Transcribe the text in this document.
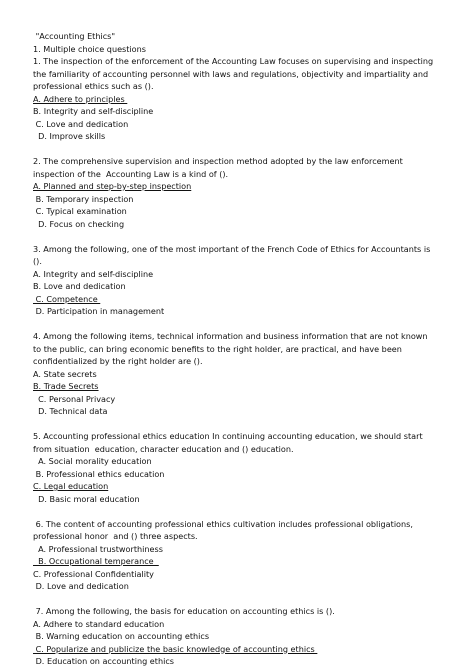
"Accounting Ethics"
1. Multiple choice questions
1. The inspection of the enforcement of the Accounting Law focuses on supervising and inspecting the familiarity of accounting personnel with laws and regulations, objectivity and impartiality and professional ethics such as ().
A. Adhere to principles
B. Integrity and self-discipline
C. Love and dedication
D. Improve skills
2. The comprehensive supervision and inspection method adopted by the law enforcement inspection of the  Accounting Law is a kind of ().
A. Planned and step-by-step inspection
B. Temporary inspection
C. Typical examination
D. Focus on checking
3. Among the following, one of the most important of the French Code of Ethics for Accountants is ().
A. Integrity and self-discipline
B. Love and dedication
C. Competence
D. Participation in management
4. Among the following items, technical information and business information that are not known to the public, can bring economic benefits to the right holder, are practical, and have been confidentialized by the right holder are ().
A. State secrets
B. Trade Secrets
C. Personal Privacy
D. Technical data
5. Accounting professional ethics education In continuing accounting education, we should start from situation  education, character education and () education.
A. Social morality education
B. Professional ethics education
C. Legal education
D. Basic moral education
6. The content of accounting professional ethics cultivation includes professional obligations, professional honor  and () three aspects.
A. Professional trustworthiness
B. Occupational temperance
C. Professional Confidentiality
D. Love and dedication
7. Among the following, the basis for education on accounting ethics is ().
A. Adhere to standard education
B. Warning education on accounting ethics
C. Popularize and publicize the basic knowledge of accounting ethics
D. Education on accounting ethics
